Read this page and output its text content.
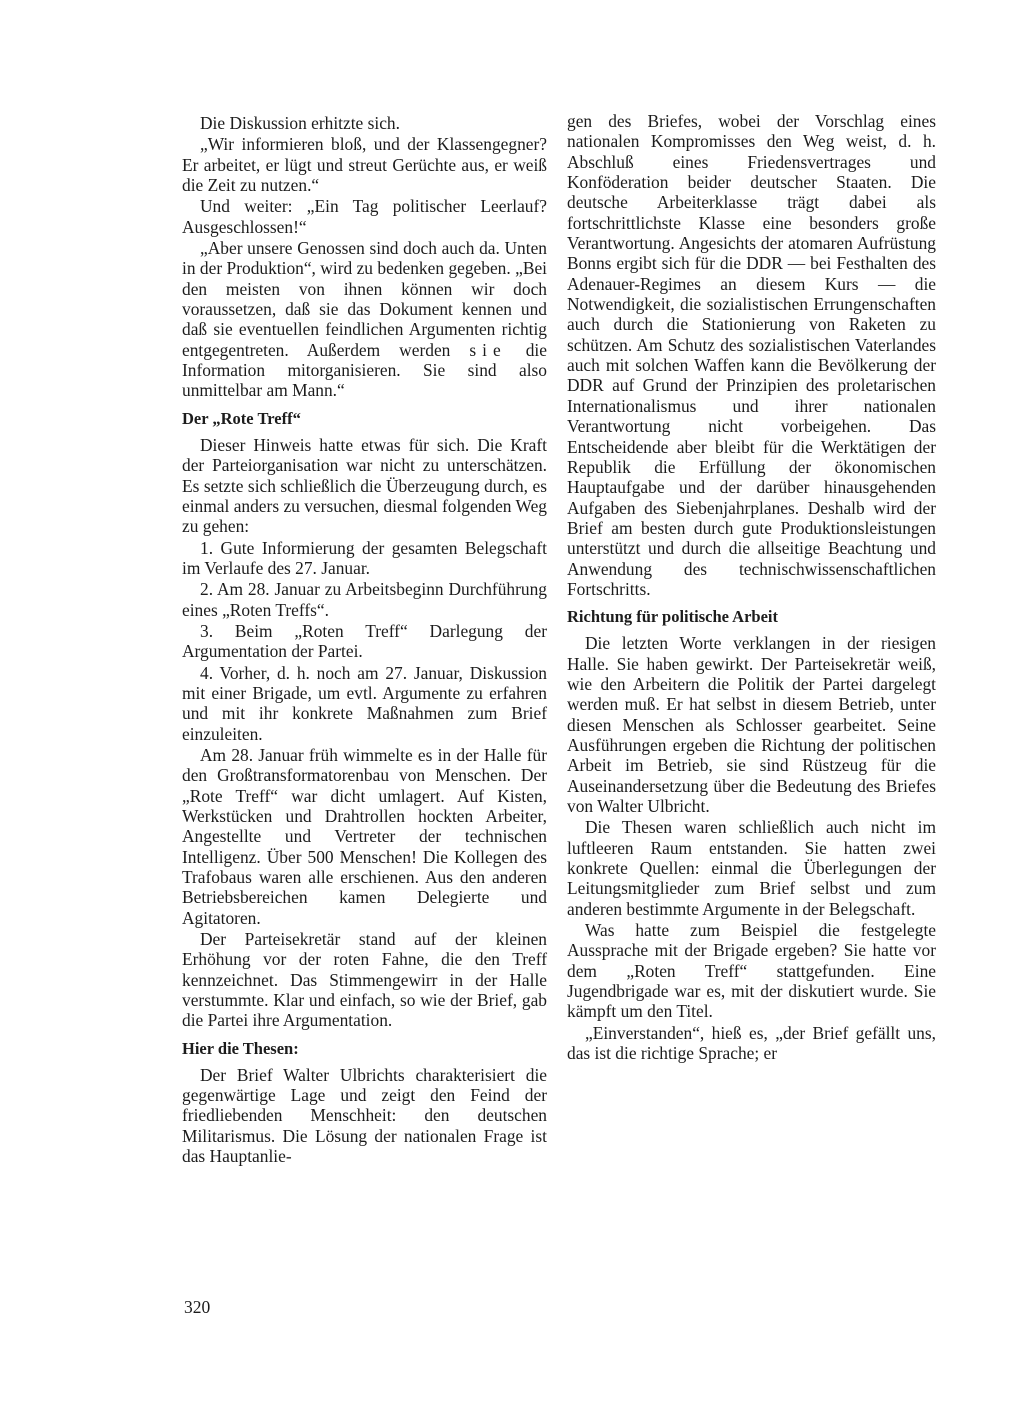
Die Diskussion erhitzte sich.

„Wir informieren bloß, und der Klassengegner? Er arbeitet, er lügt und streut Gerüchte aus, er weiß die Zeit zu nutzen.“

Und weiter: „Ein Tag politischer Leerlauf? Ausgeschlossen!“

„Aber unsere Genossen sind doch auch da. Unten in der Produktion“, wird zu bedenken gegeben. „Bei den meisten von ihnen können wir doch voraussetzen, daß sie das Dokument kennen und daß sie eventuellen feindlichen Argumenten richtig entgegentreten. Außerdem werden sie die Information mitorganisieren. Sie sind also unmittelbar am Mann.“

Der „Rote Treff“

Dieser Hinweis hatte etwas für sich. Die Kraft der Parteiorganisation war nicht zu unterschätzen. Es setzte sich schließlich die Überzeugung durch, es einmal anders zu versuchen, diesmal folgenden Weg zu gehen:

1. Gute Informierung der gesamten Belegschaft im Verlaufe des 27. Januar.

2. Am 28. Januar zu Arbeitsbeginn Durchführung eines „Roten Treffs“.

3. Beim „Roten Treff“ Darlegung der Argumentation der Partei.

4. Vorher, d. h. noch am 27. Januar, Diskussion mit einer Brigade, um evtl. Argumente zu erfahren und mit ihr konkrete Maßnahmen zum Brief einzuleiten.

Am 28. Januar früh wimmelte es in der Halle für den Großtransformatorenbau von Menschen. Der „Rote Treff“ war dicht umlagert. Auf Kisten, Werkstücken und Drahtrollen hockten Arbeiter, Angestellte und Vertreter der technischen Intelligenz. Über 500 Menschen! Die Kollegen des Trafobaus waren alle erschienen. Aus den anderen Betriebsbereichen kamen Delegierte und Agitatoren.

Der Parteisekretär stand auf der kleinen Erhöhung vor der roten Fahne, die den Treff kennzeichnet. Das Stimmengewirr in der Halle verstummte. Klar und einfach, so wie der Brief, gab die Partei ihre Argumentation.

Hier die Thesen:

Der Brief Walter Ulbrichts charakterisiert die gegenwärtige Lage und zeigt den Feind der friedliebenden Menschheit: den deutschen Militarismus. Die Lösung der nationalen Frage ist das Hauptanlie-

gen des Briefes, wobei der Vorschlag eines nationalen Kompromisses den Weg weist, d. h. Abschluß eines Friedensvertrages und Konföderation beider deutscher Staaten. Die deutsche Arbeiterklasse trägt dabei als fortschrittlichste Klasse eine besonders große Verantwortung. Angesichts der atomaren Aufrüstung Bonns ergibt sich für die DDR — bei Festhalten des Adenauer-Regimes an diesem Kurs — die Notwendigkeit, die sozialistischen Errungenschaften auch durch die Stationierung von Raketen zu schützen. Am Schutz des sozialistischen Vaterlandes auch mit solchen Waffen kann die Bevölkerung der DDR auf Grund der Prinzipien des proletarischen Internationalismus und ihrer nationalen Verantwortung nicht vorbeigehen. Das Entscheidende aber bleibt für die Werktätigen der Republik die Erfüllung der ökonomischen Hauptaufgabe und der darüber hinausgehenden Aufgaben des Siebenjahrplanes. Deshalb wird der Brief am besten durch gute Produktionsleistungen unterstützt und durch die allseitige Beachtung und Anwendung des technischwissenschaftlichen Fortschritts.

Richtung für politische Arbeit

Die letzten Worte verklangen in der riesigen Halle. Sie haben gewirkt. Der Parteisekretär weiß, wie den Arbeitern die Politik der Partei dargelegt werden muß. Er hat selbst in diesem Betrieb, unter diesen Menschen als Schlosser gearbeitet. Seine Ausführungen ergeben die Richtung der politischen Arbeit im Betrieb, sie sind Rüstzeug für die Auseinandersetzung über die Bedeutung des Briefes von Walter Ulbricht.

Die Thesen waren schließlich auch nicht im luftleeren Raum entstanden. Sie hatten zwei konkrete Quellen: einmal die Überlegungen der Leitungsmitglieder zum Brief selbst und zum anderen bestimmte Argumente in der Belegschaft.

Was hatte zum Beispiel die festgelegte Aussprache mit der Brigade ergeben? Sie hatte vor dem „Roten Treff“ stattgefunden. Eine Jugendbrigade war es, mit der diskutiert wurde. Sie kämpft um den Titel.

„Einverstanden“, hieß es, „der Brief gefällt uns, das ist die richtige Sprache; er

320
